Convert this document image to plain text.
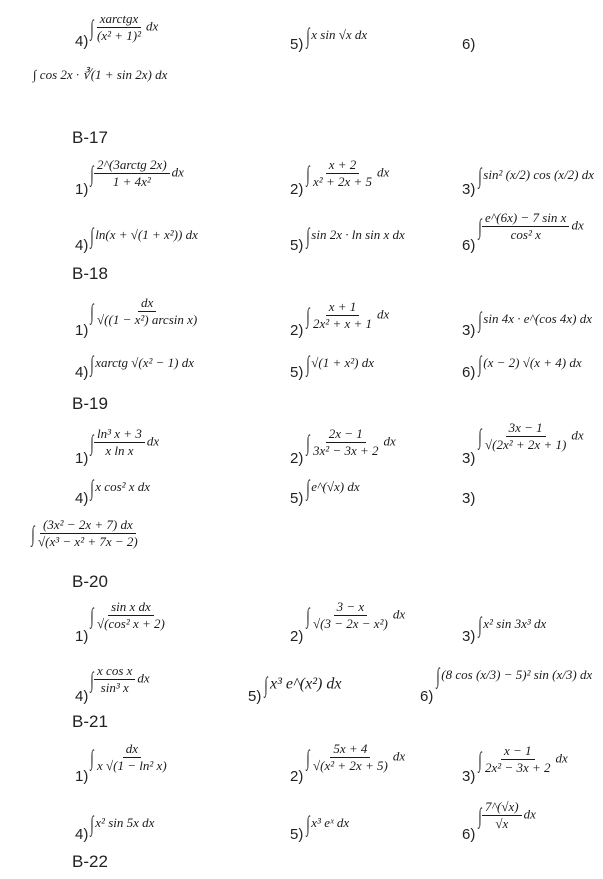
4)
∫ $\frac{\text{xarctgx}}{\text{(x² + 1)²}}$ dx
5) ∫ x sin √x dx
6)
∫ cos 2x · ∛(1 + sin 2x) dx
В-17
1)
∫ $\frac{\text{2\textasciicircum{}(3arctg 2x)}}{\text{1 + 4x²}}$ dx
2)
∫ $\frac{x + 2}{\text{x² + 2x + 5}}$ dx
3)
∫ sin² (x/2) cos (x/2) dx
4) ∫ ln(x + √(1 + x²)) dx
5) ∫ sin 2x · ln sin x dx
6)
∫ $\frac{\text{e\textasciicircum{}(6x) − 7 sin x}}{\text{cos² x}}$ dx
В-18
1)
∫ $\frac{dx}{\text{√((1 − x²) arcsin x)}}$
2)
∫ $\frac{x + 1}{\text{2x² + x + 1}}$ dx
3) ∫ sin 4x · e^(cos 4x) dx
4) ∫ xarctg √(x² − 1) dx
5) ∫ √(1 + x²) dx
6) ∫ (x − 2) √(x + 4) dx
В-19
1)
∫ $\frac{\text{ln³ x + 3}}{\text{x ln x}}$ dx
2)
∫ $\frac{2x - 1}{\text{3x² − 3x + 2}}$ dx
3)
∫ $\frac{3x - 1}{\text{√(2x² + 2x + 1)}}$ dx
4) ∫ x cos² x dx
5) ∫ e^(√x) dx
3)
∫ $\frac{\text{(3x² − 2x + 7) dx}}{\text{√(x³ − x² + 7x − 2)}}$
В-20
1)
∫ $\frac{\text{sin x dx}}{\text{√(cos² x + 2)}}$
2)
∫ $\frac{3 - x}{\text{√(3 − 2x − x²)}}$ dx
3) ∫ x² sin 3x³ dx
4)
∫ $\frac{\text{x cos x}}{\text{sin³ x}}$ dx
5) ∫ x³ e^(x²) dx
6)
∫ (8 cos (x/3) − 5)² sin (x/3) dx
В-21
1)
∫ $\frac{dx}{\text{x √(1 − ln² x)}}$
2)
∫ $\frac{5x + 4}{\text{√(x² + 2x + 5)}}$ dx
3)
∫ $\frac{x - 1}{\text{2x² − 3x + 2}}$ dx
4) ∫ x² sin 5x dx
5) ∫ x³ eˣ dx
6)
∫ $\frac{7\^{}(√x)}{√x}$ dx
В-22
